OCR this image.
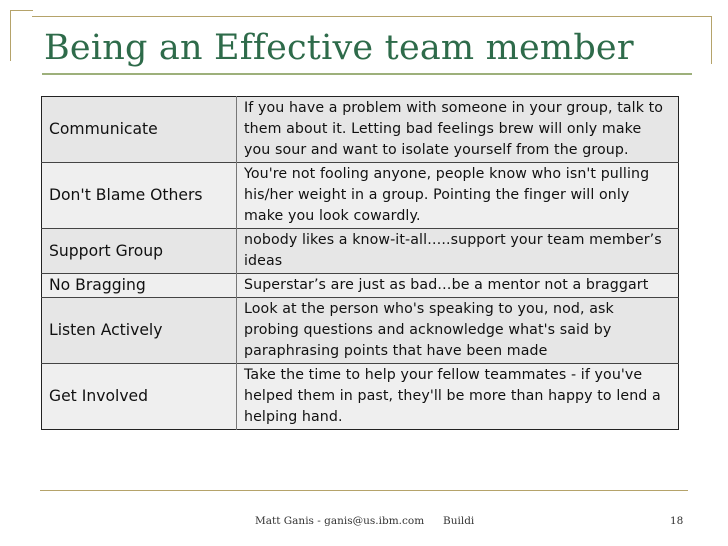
Being an Effective team member
Communicate	If you have a problem with someone in your group, talk to them about it. Letting bad feelings brew will only make you sour and want to isolate yourself from the group.
Don't Blame Others	You're not fooling anyone, people know who isn't pulling his/her weight in a group. Pointing the finger will only make you look cowardly.
Support Group	nobody likes a know-it-all…..support your team member’s ideas
No Bragging	Superstar’s are just as bad…be a mentor not a braggart
Listen Actively	Look at the person who's speaking to you, nod, ask probing questions and acknowledge what's said by paraphrasing points that have been made
Get Involved	Take the time to help your fellow teammates - if you've helped them in past, they'll be more than happy to lend a helping hand.
Matt Ganis - ganis@us.ibm.com Buildi	18
